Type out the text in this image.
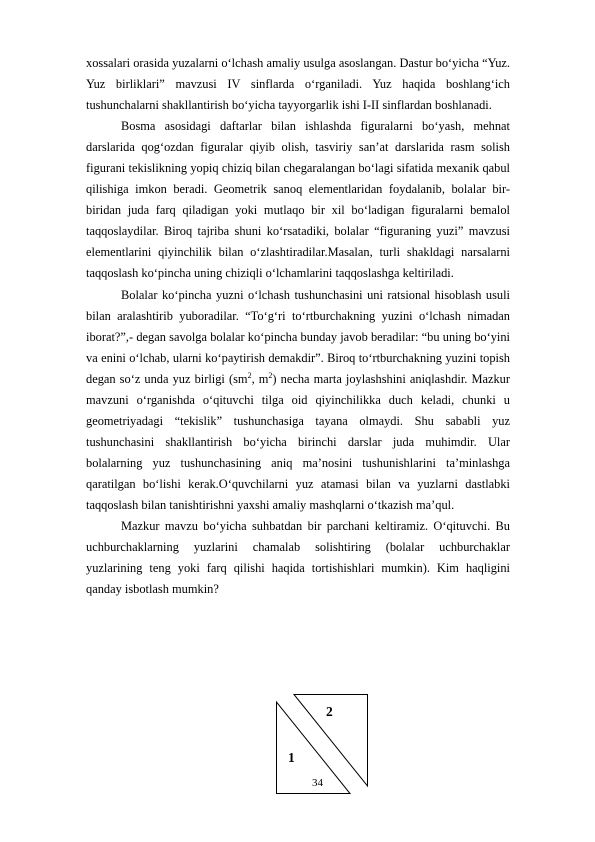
xossalari orasida yuzalarni o‘lchash amaliy usulga asoslangan. Dastur bo‘yicha “Yuz. Yuz birliklari” mavzusi IV sinflarda o‘rganiladi. Yuz haqida boshlang‘ich tushunchalarni shakllantirish bo‘yicha tayyorgarlik ishi I-II sinflardan boshlanadi.

Bosma asosidagi daftarlar bilan ishlashda figuralarni bo‘yash, mehnat darslarida qog‘ozdan figuralar qiyib olish, tasviriy san’at darslarida rasm solish figurani tekislikning yopiq chiziq bilan chegaralangan bo‘lagi sifatida mexanik qabul qilishiga imkon beradi. Geometrik sanoq elementlaridan foydalanib, bolalar bir-biridan juda farq qiladigan yoki mutlaqo bir xil bo‘ladigan figuralarni bemalol taqqoslaydilar. Biroq tajriba shuni ko‘rsatadiki, bolalar “figuraning yuzi” mavzusi elementlarini qiyinchilik bilan o‘zlashtiradilar.Masalan, turli shakldagi narsalarni taqqoslash ko‘pincha uning chiziqli o‘lchamlarini taqqoslashga keltiriladi.

Bolalar ko‘pincha yuzni o‘lchash tushunchasini uni ratsional hisoblash usuli bilan aralashtirib yuboradilar. “To‘g‘ri to‘rtburchakning yuzini o‘lchash nimadan iborat?”,- degan savolga bolalar ko‘pincha bunday javob beradilar: “bu uning bo‘yini va enini o‘lchab, ularni ko‘paytirish demakdir”. Biroq to‘rtburchakning yuzini topish degan so‘z unda yuz birligi ($sm^2$, $m^2$) necha marta joylashshini aniqlashdir. Mazkur mavzuni o‘rganishda o‘qituvchi tilga oid qiyinchilikka duch keladi, chunki u geometriyadagi “tekislik” tushunchasiga tayana olmaydi. Shu sababli yuz tushunchasini shakllantirish bo‘yicha birinchi darslar juda muhimdir. Ular bolalarning yuz tushunchasining aniq ma’nosini tushunishlarini ta’minlashga qaratilgan bo‘lishi kerak.O‘quvchilarni yuz atamasi bilan va yuzlarni dastlabki taqqoslash bilan tanishtirishni yaxshi amaliy mashqlarni o‘tkazish ma’qul.

Mazkur mavzu bo‘yicha suhbatdan bir parchani keltiramiz. O‘qituvchi. Bu uchburchaklarning yuzlarini chamalab solishtiring (bolalar uchburchaklar yuzlarining teng yoki farq qilishi haqida tortishishlari mumkin). Kim haqligini qanday isbotlash mumkin?

2
1
34
